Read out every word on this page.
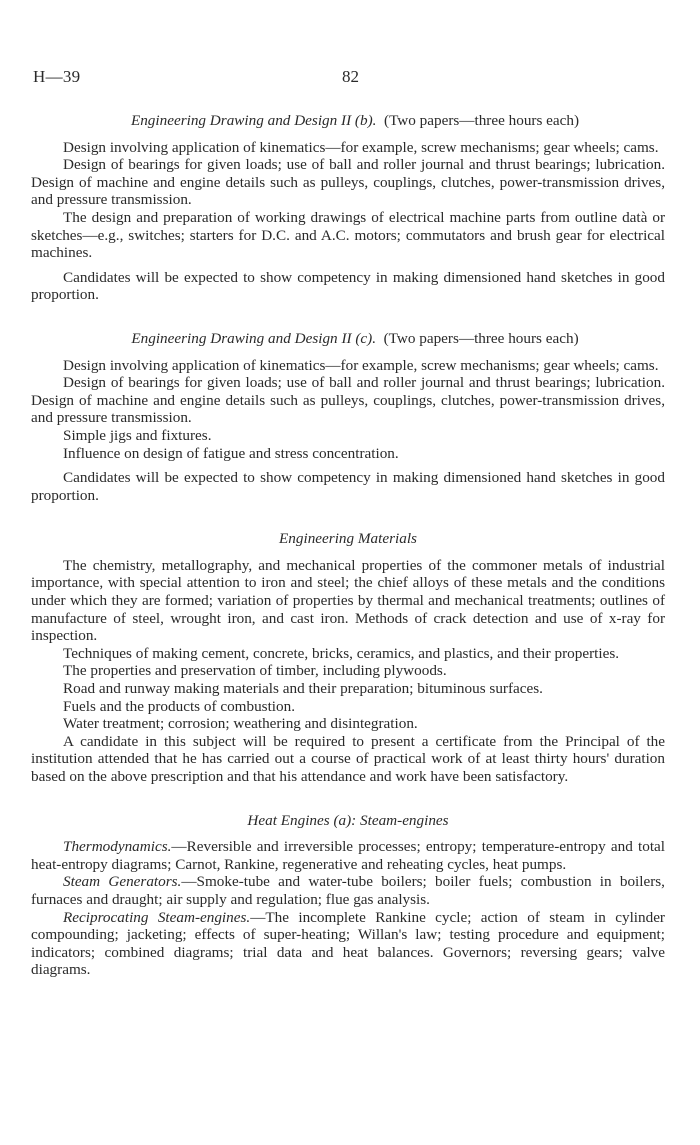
H—39	82
Engineering Drawing and Design II (b). (Two papers—three hours each)

Design involving application of kinematics—for example, screw mechanisms; gear wheels; cams.

Design of bearings for given loads; use of ball and roller journal and thrust bearings; lubrication. Design of machine and engine details such as pulleys, couplings, clutches, power-transmission drives, and pressure transmission.

The design and preparation of working drawings of electrical machine parts from outline datà or sketches—e.g., switches; starters for D.C. and A.C. motors; commutators and brush gear for electrical machines.

Candidates will be expected to show competency in making dimensioned hand sketches in good proportion.

Engineering Drawing and Design II (c). (Two papers—three hours each)

Design involving application of kinematics—for example, screw mechanisms; gear wheels; cams.

Design of bearings for given loads; use of ball and roller journal and thrust bearings; lubrication. Design of machine and engine details such as pulleys, couplings, clutches, power-transmission drives, and pressure transmission.

Simple jigs and fixtures.

Influence on design of fatigue and stress concentration.

Candidates will be expected to show competency in making dimensioned hand sketches in good proportion.

Engineering Materials

The chemistry, metallography, and mechanical properties of the commoner metals of industrial importance, with special attention to iron and steel; the chief alloys of these metals and the conditions under which they are formed; variation of properties by thermal and mechanical treatments; outlines of manufacture of steel, wrought iron, and cast iron. Methods of crack detection and use of x-ray for inspection.

Techniques of making cement, concrete, bricks, ceramics, and plastics, and their properties.

The properties and preservation of timber, including plywoods.

Road and runway making materials and their preparation; bituminous surfaces.

Fuels and the products of combustion.

Water treatment; corrosion; weathering and disintegration.

A candidate in this subject will be required to present a certificate from the Principal of the institution attended that he has carried out a course of practical work of at least thirty hours' duration based on the above prescription and that his attendance and work have been satisfactory.

Heat Engines (a): Steam-engines

Thermodynamics.—Reversible and irreversible processes; entropy; temperature-entropy and total heat-entropy diagrams; Carnot, Rankine, regenerative and reheating cycles, heat pumps.

Steam Generators.—Smoke-tube and water-tube boilers; boiler fuels; combustion in boilers, furnaces and draught; air supply and regulation; flue gas analysis.

Reciprocating Steam-engines.—The incomplete Rankine cycle; action of steam in cylinder compounding; jacketing; effects of super-heating; Willan's law; testing procedure and equipment; indicators; combined diagrams; trial data and heat balances. Governors; reversing gears; valve diagrams.
